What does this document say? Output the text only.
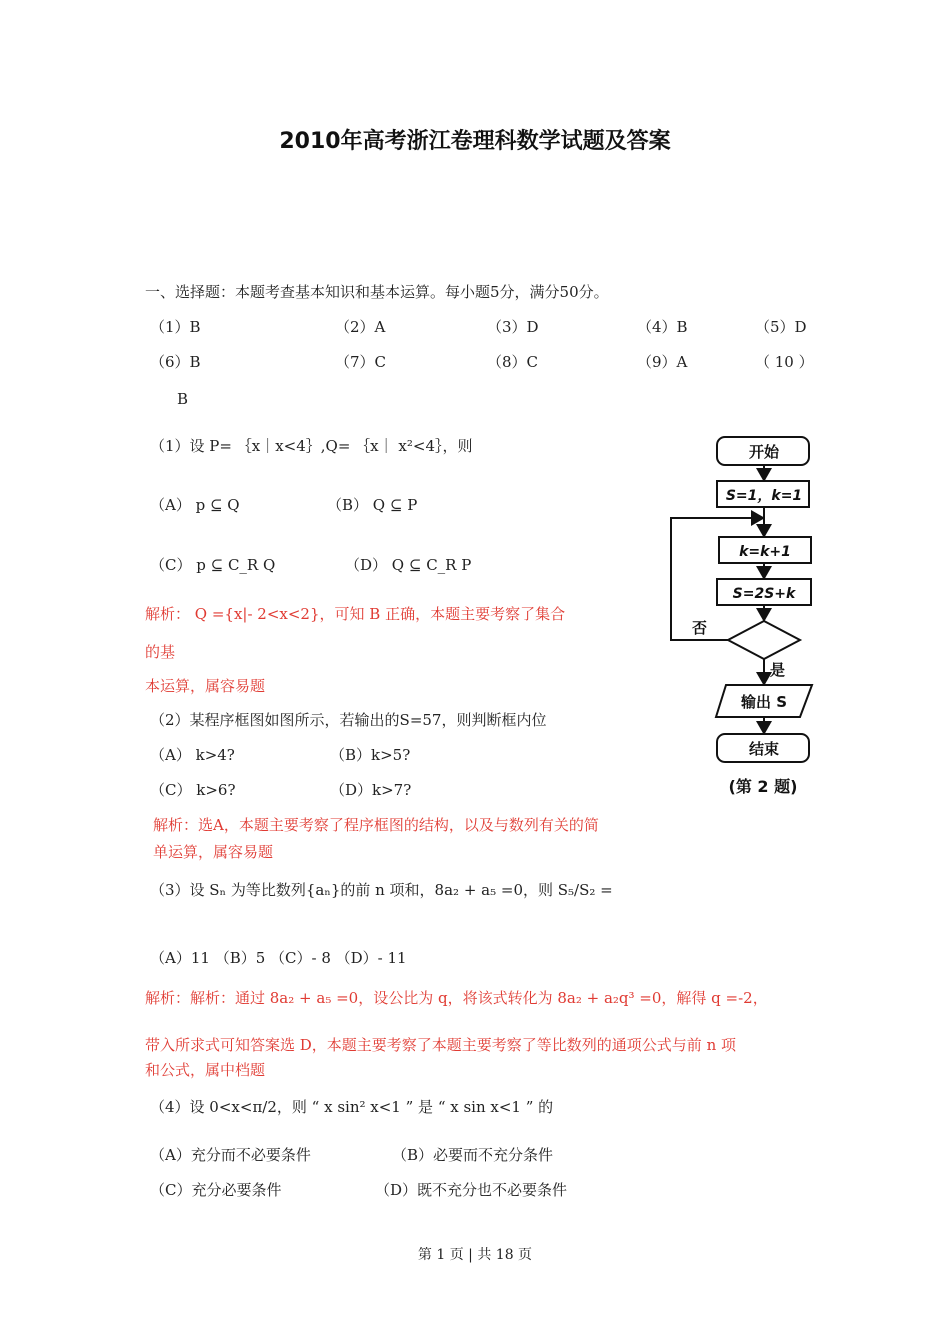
2010年高考浙江卷理科数学试题及答案
一、选择题：本题考查基本知识和基本运算。每小题5分，满分50分。
（1）B	（2）A	（3）D	（4）B	（5）D
（6）B	（7）C	（8）C	（9）A	（ 10 ）
B
（1）设 P= ｛x｜x<4｝,Q= ｛x｜ x²<4｝，则
（A） p ⊆ Q	（B） Q ⊆ P
（C） p ⊆ C_R Q	（D） Q ⊆ C_R P
解析： Q ={x|- 2<x<2}，可知 B 正确，本题主要考察了集合
的基
本运算，属容易题
（2）某程序框图如图所示，若输出的S=57，则判断框内位
（A） k>4?	（B）k>5?
（C） k>6?	（D）k>7?
解析：选A，本题主要考察了程序框图的结构，以及与数列有关的简
单运算，属容易题
开始
S=1，k=1
k=k+1
S=2S+k
否
是
输出 S
结束
(第 2 题)
（3）设 Sₙ 为等比数列{aₙ}的前 n 项和，8a₂ + a₅ =0，则 S₅/S₂ =
（A）11 （B）5 （C）- 8 （D）- 11
解析：解析：通过 8a₂ + a₅ =0，设公比为 q，将该式转化为 8a₂ + a₂q³ =0，解得 q =-2，
带入所求式可知答案选 D，本题主要考察了本题主要考察了等比数列的通项公式与前 n 项
和公式，属中档题
（4）设 0<x<π/2，则 “ x sin² x<1 ” 是 “ x sin x<1 ” 的
（A）充分而不必要条件	（B）必要而不充分条件
（C）充分必要条件	（D）既不充分也不必要条件
第 1 页 | 共 18 页
